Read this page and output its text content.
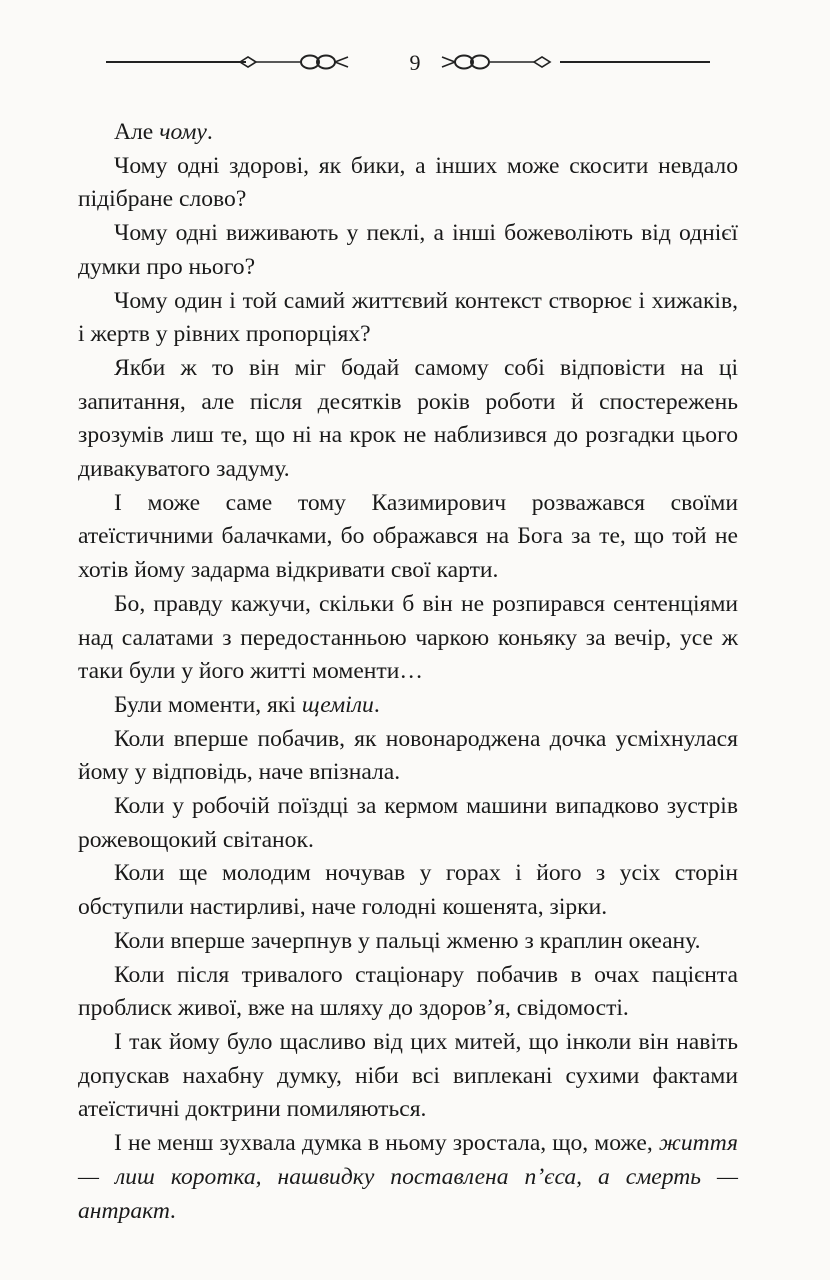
9

Але чому.

Чому одні здорові, як бики, а інших може скосити невдало підібране слово?

Чому одні виживають у пеклі, а інші божеволіють від однієї думки про нього?

Чому один і той самий життєвий контекст створює і хижаків, і жертв у рівних пропорціях?

Якби ж то він міг бодай самому собі відповісти на ці запитання, але після десятків років роботи й спостережень зрозумів лиш те, що ні на крок не наблизився до розгадки цього дивакуватого задуму.

І може саме тому Казимирович розважався своїми атеїстичними балачками, бо ображався на Бога за те, що той не хотів йому задарма відкривати свої карти.

Бо, правду кажучи, скільки б він не розпирався сентенціями над салатами з передостанньою чаркою коньяку за вечір, усе ж таки були у його житті моменти…

Були моменти, які щеміли.

Коли вперше побачив, як новонароджена дочка усміхнулася йому у відповідь, наче впізнала.

Коли у робочій поїздці за кермом машини випадково зустрів рожевощокий світанок.

Коли ще молодим ночував у горах і його з усіх сторін обступили настирливі, наче голодні кошенята, зірки.

Коли вперше зачерпнув у пальці жменю з краплин океану.

Коли після тривалого стаціонару побачив в очах пацієнта проблиск живої, вже на шляху до здоров’я, свідомості.

І так йому було щасливо від цих митей, що інколи він навіть допускав нахабну думку, ніби всі виплекані сухими фактами атеїстичні доктрини помиляються.

І не менш зухвала думка в ньому зростала, що, може, життя — лиш коротка, нашвидку поставлена п’єса, а смерть — антракт.
